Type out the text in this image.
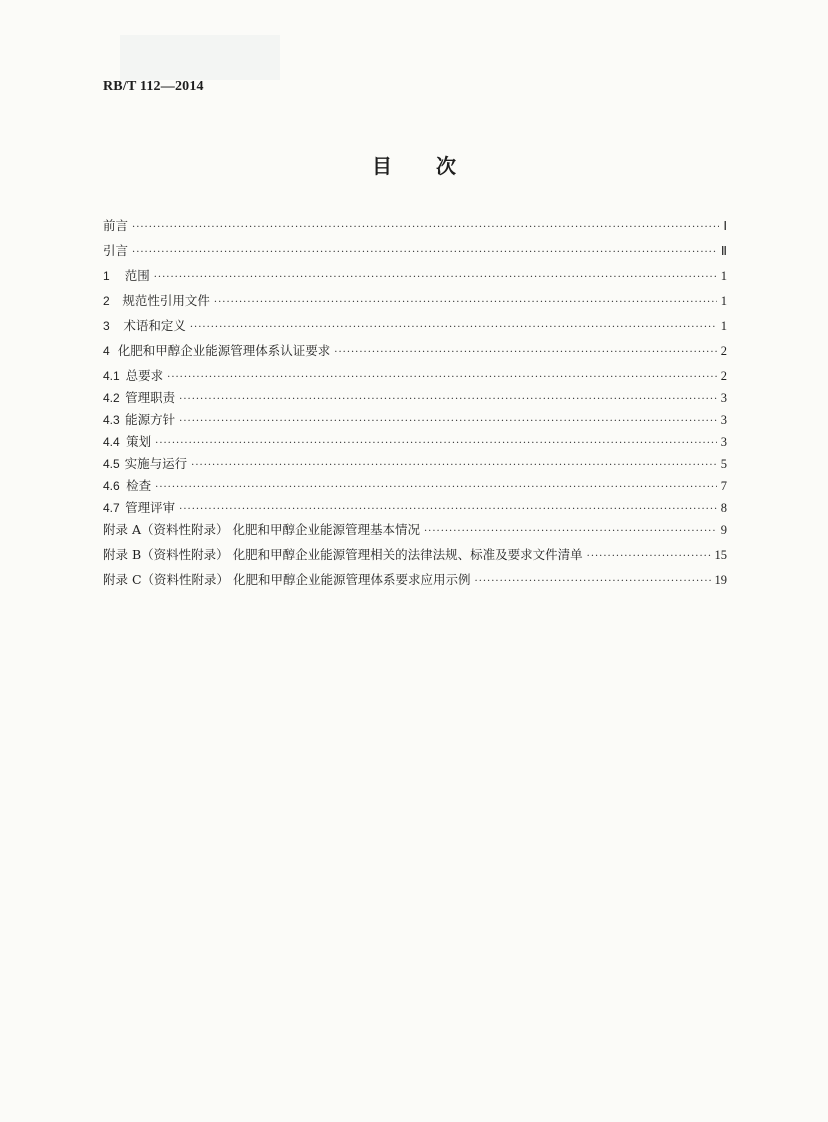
RB/T 112—2014
目 次
前言 ·····	Ⅰ
引言 ·····	Ⅱ
1	范围 ·····	1
2	规范性引用文件 ·····	1
3	术语和定义 ·····	1
4 化肥和甲醇企业能源管理体系认证要求 ·····	2
4.1 总要求 ·····	2
4.2 管理职责 ·····	3
4.3 能源方针 ·····	3
4.4 策划 ·····	3
4.5 实施与运行 ·····	5
4.6 检查 ·····	7
4.7 管理评审 ·····	8
附录 A（资料性附录） 化肥和甲醇企业能源管理基本情况 ·····	9
附录 B（资料性附录） 化肥和甲醇企业能源管理相关的法律法规、标准及要求文件清单 ·····	15
附录 C（资料性附录） 化肥和甲醇企业能源管理体系要求应用示例 ·····	19
